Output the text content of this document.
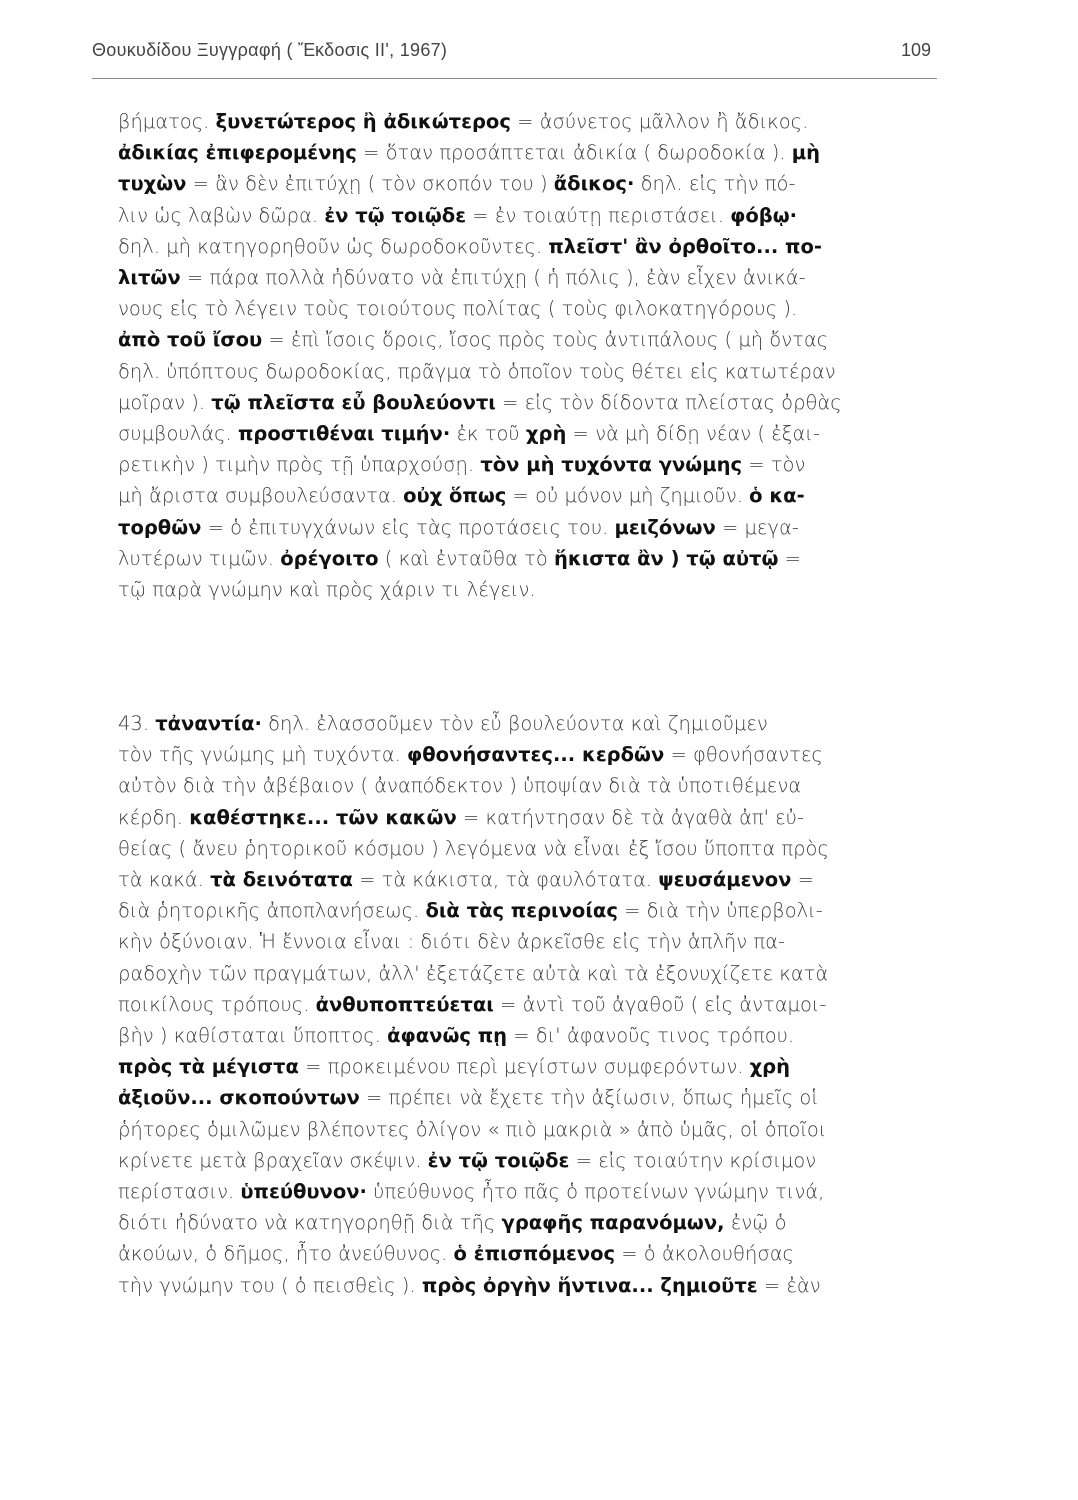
Θουκυδίδου Ξυγγραφή ( Ἔκδοσις ΙΙ', 1967)	109
βήματος. ξυνετώτερος ἢ ἀδικώτερος = ἀσύνετος μᾶλλον ἢ ἄδικος.
ἀδικίας ἐπιφερομένης = ὅταν προσάπτεται ἀδικία ( δωροδοκία ). μὴ
τυχὼν = ἂν δὲν ἐπιτύχῃ ( τὸν σκοπόν του ) ἄδικος· δηλ. εἰς τὴν πό-
λιν ὡς λαβὼν δῶρα. ἐν τῷ τοιῷδε = ἐν τοιαύτῃ περιστάσει. φόβῳ·
δηλ. μὴ κατηγορηθοῦν ὡς δωροδοκοῦντες. πλεῖστ' ἂν ὀρθοῖτο... πο-
λιτῶν = πάρα πολλὰ ἠδύνατο νὰ ἐπιτύχῃ ( ἡ πόλις ), ἐὰν εἶχεν ἀνικά-
νους εἰς τὸ λέγειν τοὺς τοιούτους πολίτας ( τοὺς φιλοκατηγόρους ).
ἀπὸ τοῦ ἴσου = ἐπὶ ἴσοις ὅροις, ἴσος πρὸς τοὺς ἀντιπάλους ( μὴ ὄντας
δηλ. ὑπόπτους δωροδοκίας, πρᾶγμα τὸ ὁποῖον τοὺς θέτει εἰς κατωτέραν
μοῖραν ). τῷ πλεῖστα εὖ βουλεύοντι = εἰς τὸν δίδοντα πλείστας ὀρθὰς
συμβουλάς. προστιθέναι τιμήν· ἐκ τοῦ χρὴ = νὰ μὴ δίδῃ νέαν ( ἐξαι-
ρετικὴν ) τιμὴν πρὸς τῇ ὑπαρχούσῃ. τὸν μὴ τυχόντα γνώμης = τὸν
μὴ ἄριστα συμβουλεύσαντα. οὐχ ὅπως = οὐ μόνον μὴ ζημιοῦν. ὁ κα-
τορθῶν = ὁ ἐπιτυγχάνων εἰς τὰς προτάσεις του. μειζόνων = μεγα-
λυτέρων τιμῶν. ὀρέγοιτο ( καὶ ἐνταῦθα τὸ ἥκιστα ἂν ) τῷ αὐτῷ =
τῷ παρὰ γνώμην καὶ πρὸς χάριν τι λέγειν.
43. τἀναντία· δηλ. ἐλασσοῦμεν τὸν εὖ βουλεύοντα καὶ ζημιοῦμεν
τὸν τῆς γνώμης μὴ τυχόντα. φθονήσαντες... κερδῶν = φθονήσαντες
αὐτὸν διὰ τὴν ἀβέβαιον ( ἀναπόδεκτον ) ὑποψίαν διὰ τὰ ὑποτιθέμενα
κέρδη. καθέστηκε... τῶν κακῶν = κατήντησαν δὲ τὰ ἀγαθὰ ἀπ' εὐ-
θείας ( ἄνευ ῥητορικοῦ κόσμου ) λεγόμενα νὰ εἶναι ἐξ ἴσου ὕποπτα πρὸς
τὰ κακά. τὰ δεινότατα = τὰ κάκιστα, τὰ φαυλότατα. ψευσάμενον =
διὰ ῥητορικῆς ἀποπλανήσεως. διὰ τὰς περινοίας = διὰ τὴν ὑπερβολι-
κὴν ὀξύνοιαν. Ἡ ἔννοια εἶναι : διότι δὲν ἀρκεῖσθε εἰς τὴν ἁπλῆν πα-
ραδοχὴν τῶν πραγμάτων, ἀλλ' ἐξετάζετε αὐτὰ καὶ τὰ ἐξονυχίζετε κατὰ
ποικίλους τρόπους. ἀνθυποπτεύεται = ἀντὶ τοῦ ἀγαθοῦ ( εἰς ἀνταμοι-
βὴν ) καθίσταται ὕποπτος. ἀφανῶς πῃ = δι' ἀφανοῦς τινος τρόπου.
πρὸς τὰ μέγιστα = προκειμένου περὶ μεγίστων συμφερόντων. χρὴ
ἀξιοῦν... σκοπούντων = πρέπει νὰ ἔχετε τὴν ἀξίωσιν, ὅπως ἡμεῖς οἱ
ῥήτορες ὁμιλῶμεν βλέποντες ὀλίγον « πιὸ μακριὰ » ἀπὸ ὑμᾶς, οἱ ὁποῖοι
κρίνετε μετὰ βραχεῖαν σκέψιν. ἐν τῷ τοιῷδε = εἰς τοιαύτην κρίσιμον
περίστασιν. ὑπεύθυνον· ὑπεύθυνος ἦτο πᾶς ὁ προτείνων γνώμην τινά,
διότι ἠδύνατο νὰ κατηγορηθῇ διὰ τῆς γραφῆς παρανόμων, ἐνῷ ὁ
ἀκούων, ὁ δῆμος, ἦτο ἀνεύθυνος. ὁ ἐπισπόμενος = ὁ ἀκολουθήσας
τὴν γνώμην του ( ὁ πεισθεὶς ). πρὸς ὀργὴν ἥντινα... ζημιοῦτε = ἐὰν
